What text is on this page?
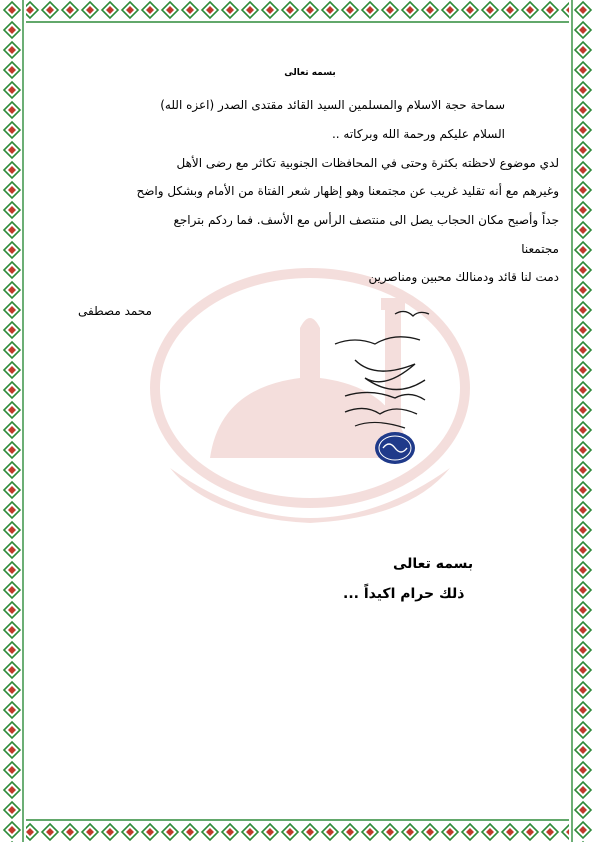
بسمه تعالى
سماحة حجة الاسلام والمسلمين السيد القائد مقتدى الصدر (اعزه الله)
السلام عليكم ورحمة الله وبركاته ..
لدي موضوع لاحظته بكثرة وحتى في المحافظات الجنوبية تكاثر مع رضى الأهل
وغيرهم مع أنه تقليد غريب عن مجتمعنا وهو إظهار شعر الفتاة من الأمام وبشكل واضح
جداً وأصبح مكان الحجاب يصل الى منتصف الرأس مع الأسف. فما ردكم بتراجع
مجتمعنا
دمت لنا قائد ودمنالك محبين ومناصرين
محمد مصطفى
بسمه تعالى
ذلك حرام اكيداً ...
